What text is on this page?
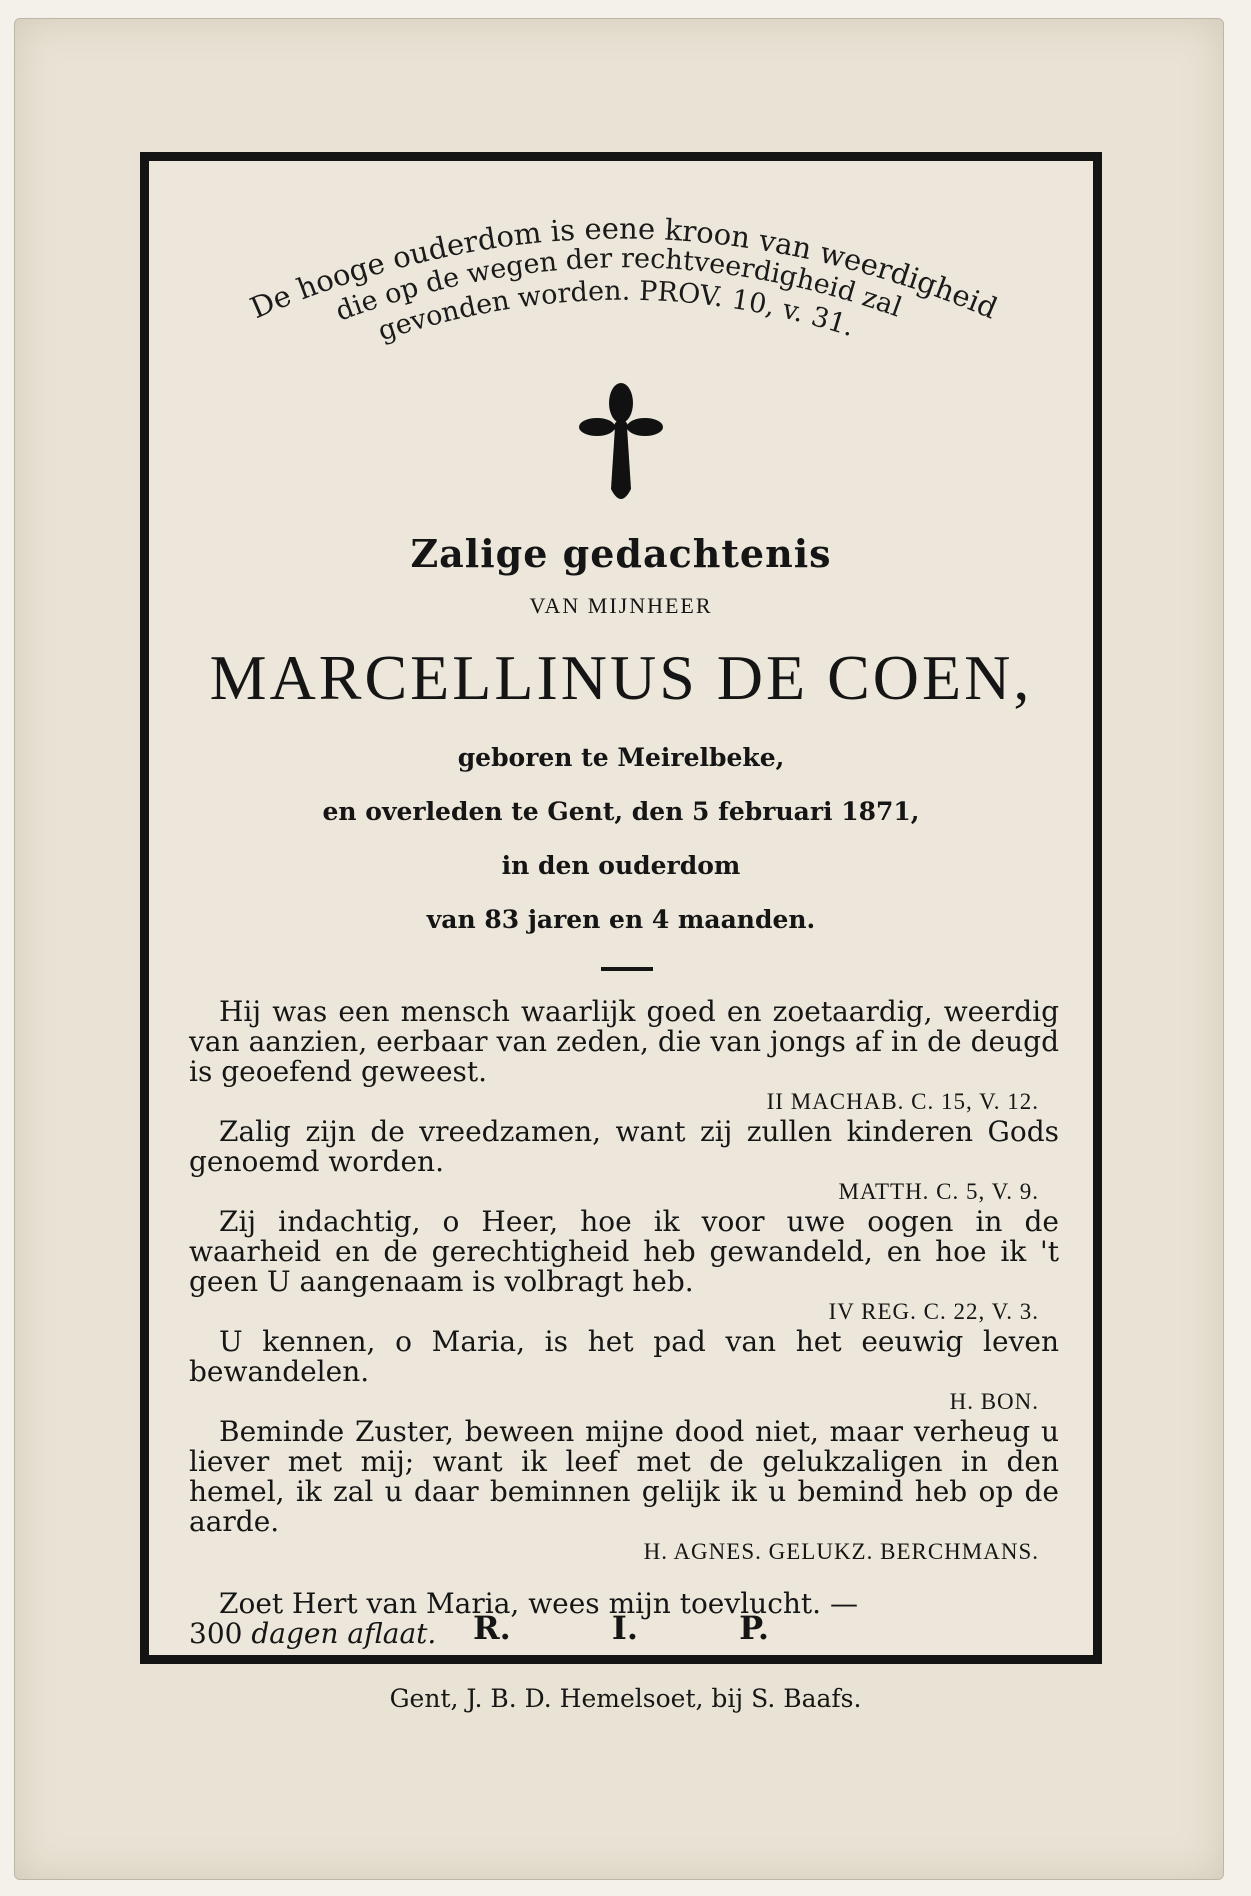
De hooge ouderdom is eene kroon van weerdigheid
die op de wegen der rechtveerdigheid zal
gevonden worden. PROV. 10, v. 31.
Zalige gedachtenis
VAN MIJNHEER
MARCELLINUS DE COEN,
geboren te Meirelbeke,
en overleden te Gent, den 5 februari 1871,
in den ouderdom
van 83 jaren en 4 maanden.

Hij was een mensch waarlijk goed en zoetaardig, weerdig van aanzien, eerbaar van zeden, die van jongs af in de deugd is geoefend geweest.

II MACHAB. C. 15, V. 12.

Zalig zijn de vreedzamen, want zij zullen kinderen Gods genoemd worden.

MATTH. C. 5, V. 9.

Zij indachtig, o Heer, hoe ik voor uwe oogen in de waarheid en de gerechtigheid heb gewandeld, en hoe ik 't geen U aangenaam is volbragt heb.

IV REG. C. 22, V. 3.

U kennen, o Maria, is het pad van het eeuwig leven bewandelen.

H. BON.

Beminde Zuster, beween mijne dood niet, maar verheug u liever met mij; want ik leef met de gelukzaligen in den hemel, ik zal u daar beminnen gelijk ik u bemind heb op de aarde.

H. AGNES. GELUKZ. BERCHMANS.

Zoet Hert van Maria, wees mijn toevlucht. —

300 dagen aflaat.	R. I. P.
Gent, J. B. D. Hemelsoet, bij S. Baafs.
